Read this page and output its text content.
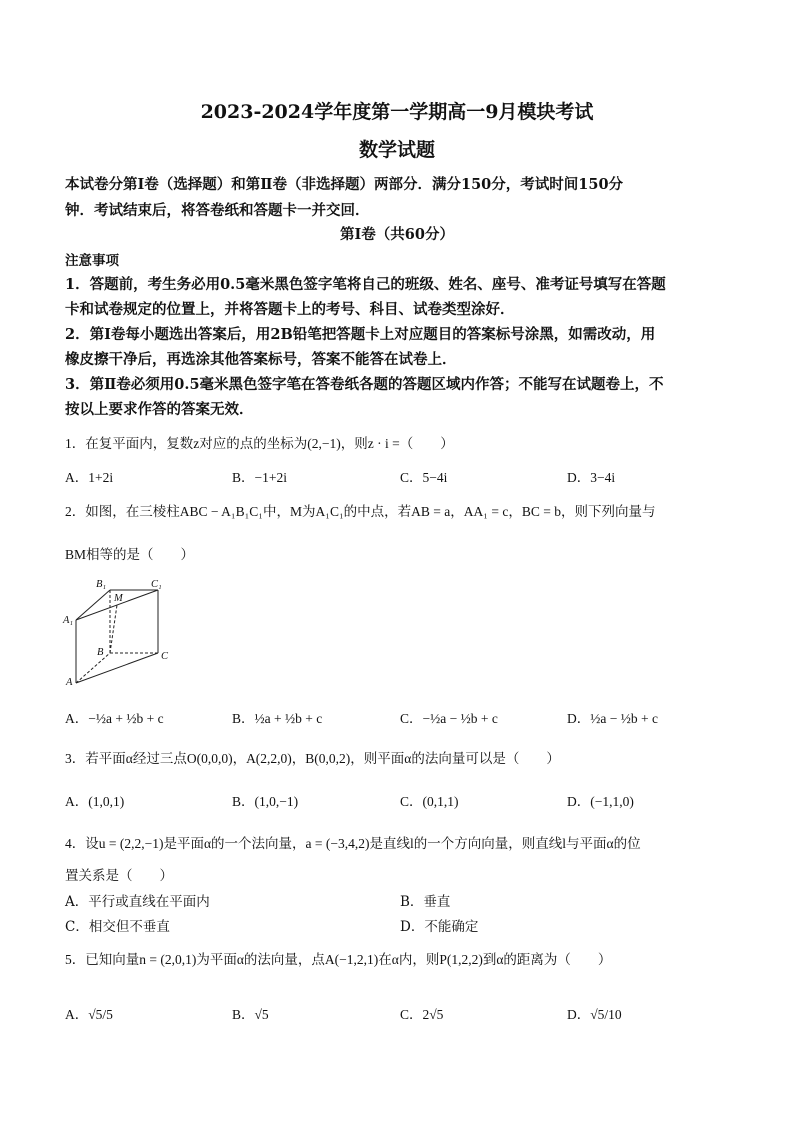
2023-2024学年度第一学期高一9月模块考试
数学试题
本试卷分第Ⅰ卷（选择题）和第Ⅱ卷（非选择题）两部分．满分150分，考试时间150分
钟．考试结束后，将答卷纸和答题卡一并交回．
第Ⅰ卷（共60分）
注意事项
1．答题前，考生务必用0.5毫米黑色签字笔将自己的班级、姓名、座号、准考证号填写在答题
卡和试卷规定的位置上，并将答题卡上的考号、科目、试卷类型涂好．
2．第Ⅰ卷每小题选出答案后，用2B铅笔把答题卡上对应题目的答案标号涂黑，如需改动，用
橡皮擦干净后，再选涂其他答案标号，答案不能答在试卷上．
3．第Ⅱ卷必须用0.5毫米黑色签字笔在答卷纸各题的答题区域内作答；不能写在试题卷上，不
按以上要求作答的答案无效．
1．在复平面内，复数z对应的点的坐标为(2,−1)，则z · i =（　　）
A．1+2i	B．−1+2i	C．5−4i	D．3−4i
2．如图，在三棱柱ABC − A₁B₁C₁中，M为A₁C₁的中点，若AB = a，AA₁ = c，BC = b，则下列向量与
BM相等的是（　　）
B₁
M
C₁
A₁
B	C
A
A．−½a + ½b + c	B．½a + ½b + c	C．−½a − ½b + c	D．½a − ½b + c
3．若平面α经过三点O(0,0,0)，A(2,2,0)，B(0,0,2)，则平面α的法向量可以是（　　）
A．(1,0,1)	B．(1,0,−1)	C．(0,1,1)	D．(−1,1,0)
4．设u = (2,2,−1)是平面α的一个法向量，a = (−3,4,2)是直线l的一个方向向量，则直线l与平面α的位
置关系是（　　）
A．平行或直线在平面内	B．垂直
C．相交但不垂直	D．不能确定
5．已知向量n = (2,0,1)为平面α的法向量，点A(−1,2,1)在α内，则P(1,2,2)到α的距离为（　　）
A．√5/5	B．√5	C．2√5	D．√5/10
